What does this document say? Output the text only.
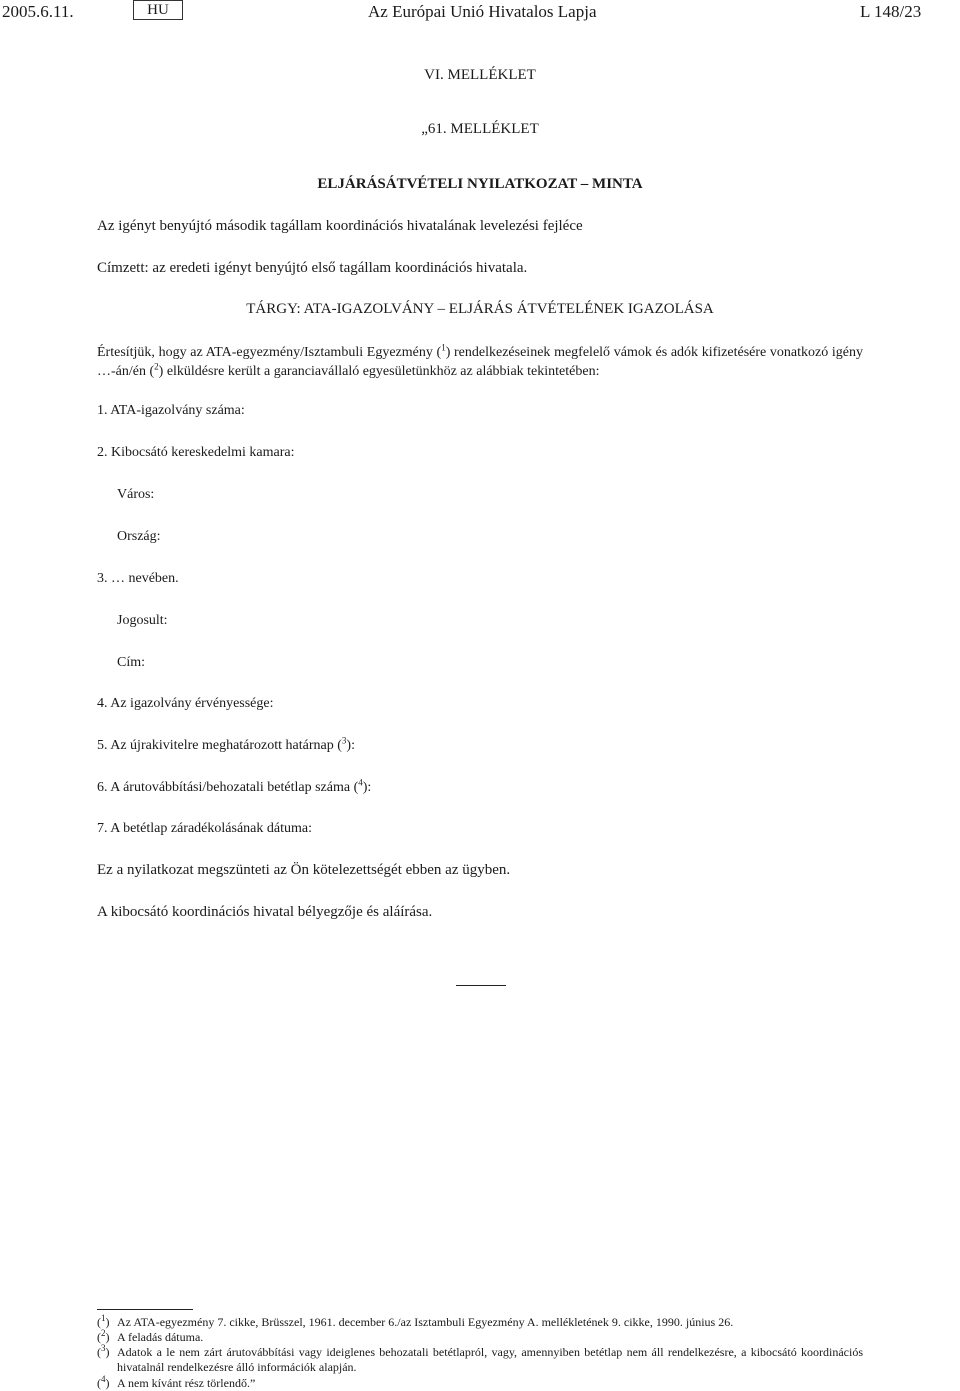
2005.6.11.	HU	Az Európai Unió Hivatalos Lapja	L 148/23
VI. MELLÉKLET
„61. MELLÉKLET
ELJÁRÁSÁTVÉTELI NYILATKOZAT – MINTA
Az igényt benyújtó második tagállam koordinációs hivatalának levelezési fejléce
Címzett: az eredeti igényt benyújtó első tagállam koordinációs hivatala.
TÁRGY: ATA-IGAZOLVÁNY – ELJÁRÁS ÁTVÉTELÉNEK IGAZOLÁSA
Értesítjük, hogy az ATA-egyezmény/Isztambuli Egyezmény ($^1$) rendelkezéseinek megfelelő vámok és adók kifizetésére vonatkozó igény …-án/én ($^2$) elküldésre került a garanciavállaló egyesületünkhöz az alábbiak tekintetében:
1. ATA-igazolvány száma:
2. Kibocsátó kereskedelmi kamara:
Város:
Ország:
3. … nevében.
Jogosult:
Cím:
4. Az igazolvány érvényessége:
5. Az újrakivitelre meghatározott határnap ($^3$):
6. A árutovábbítási/behozatali betétlap száma ($^4$):
7. A betétlap záradékolásának dátuma:
Ez a nyilatkozat megszünteti az Ön kötelezettségét ebben az ügyben.
A kibocsátó koordinációs hivatal bélyegzője és aláírása.
($^1$) Az ATA-egyezmény 7. cikke, Brüsszel, 1961. december 6./az Isztambuli Egyezmény A. mellékletének 9. cikke, 1990. június 26.
($^2$) A feladás dátuma.
($^3$) Adatok a le nem zárt árutovábbítási vagy ideiglenes behozatali betétlapról, vagy, amennyiben betétlap nem áll rendelkezésre, a kibocsátó koordinációs hivatalnál rendelkezésre álló információk alapján.
($^4$) A nem kívánt rész törlendő.”
